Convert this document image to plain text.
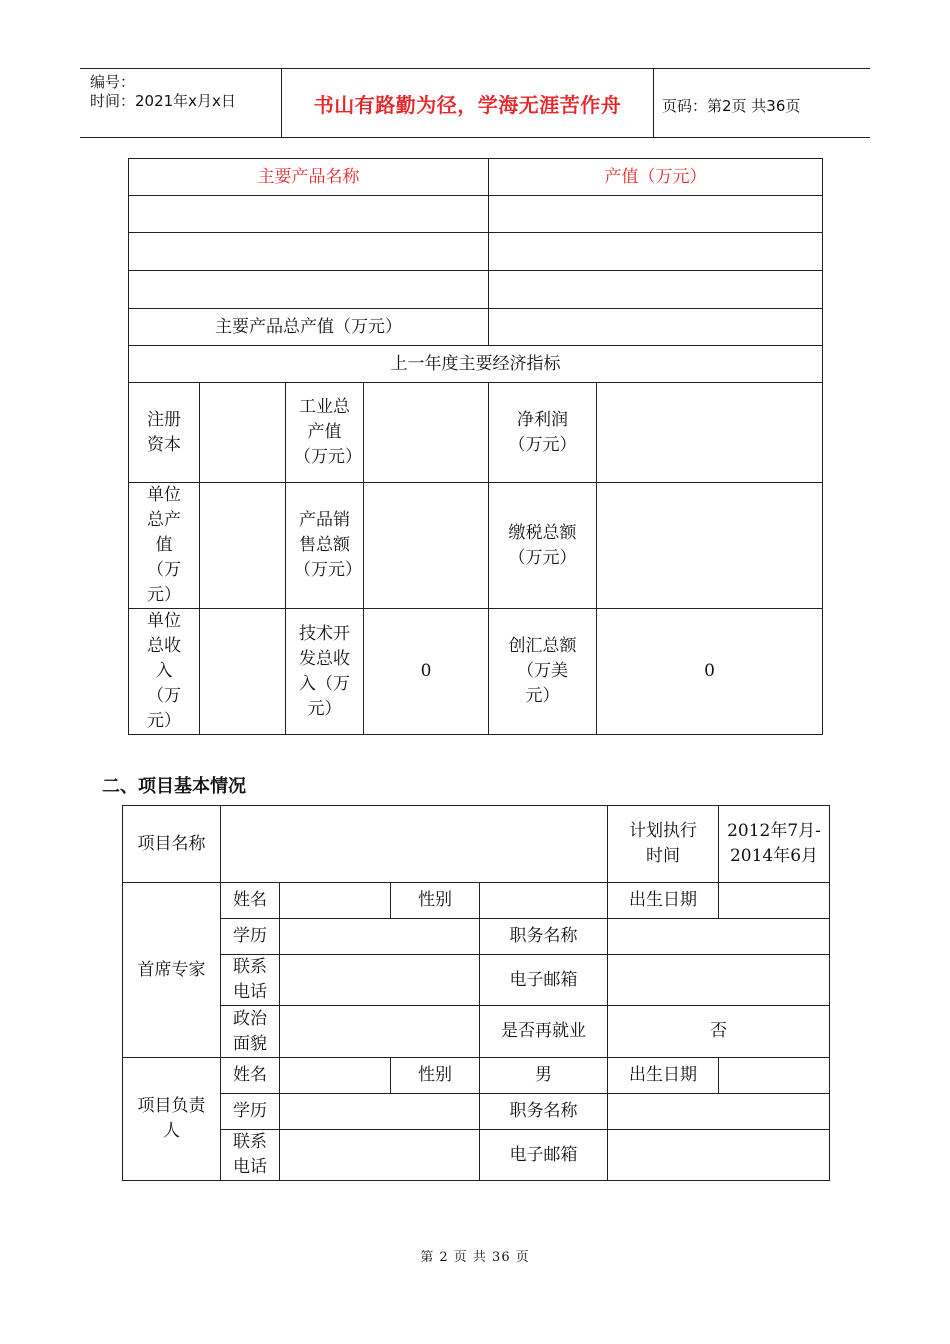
编号：
时间：2021年x月x日	书山有路勤为径，学海无涯苦作舟	页码：第2页 共36页
主要产品名称				产值（万元）	

主要产品总产值（万元）					
上一年度主要经济指标					
注册资本		工业总产值（万元）		净利润（万元）	
单位总产值（万元）		产品销售总额（万元）		缴税总额（万元）	
单位总收入（万元）		技术开发总收入（万元）	0	创汇总额（万美元）	0
二、项目基本情况
项目名称					计划执行时间	2012年7月-2014年6月
首席专家	姓名		性别		出生日期	
	学历			职务名称		
	联系电话			电子邮箱		
	政治面貌			是否再就业	否	
项目负责人	姓名		性别	男	出生日期	
	学历			职务名称		
	联系电话			电子邮箱		
第 2 页 共 36 页
